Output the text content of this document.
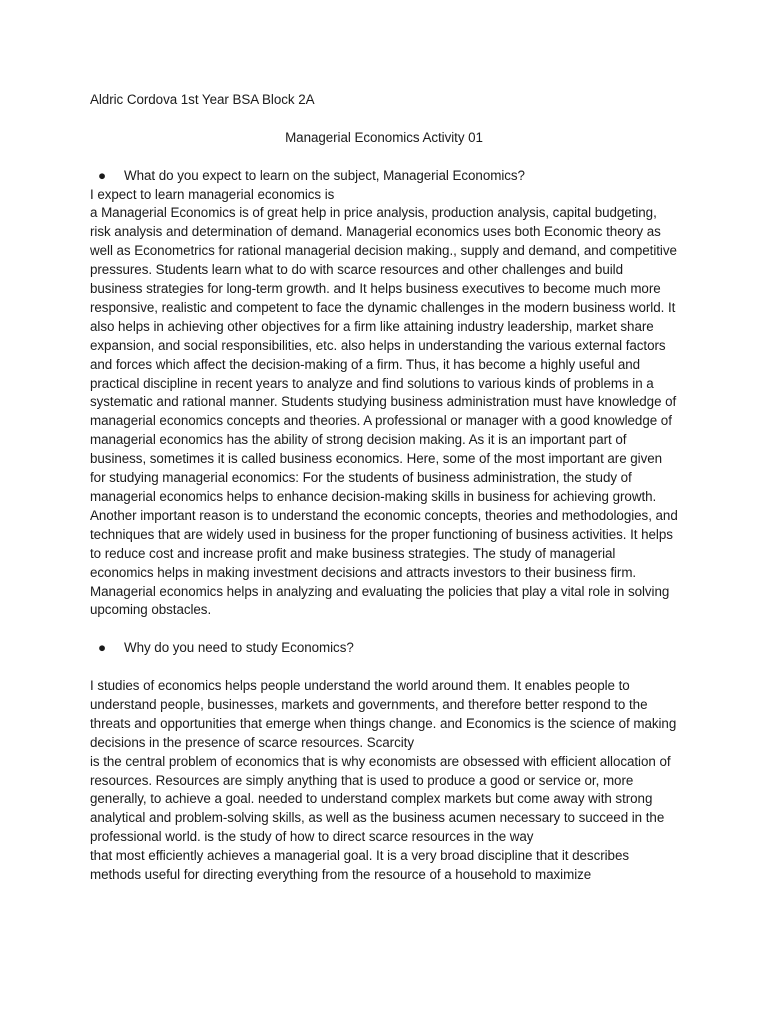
Aldric Cordova 1st Year BSA Block 2A

Managerial Economics Activity 01

● What do you expect to learn on the subject, Managerial Economics?

I expect to learn managerial economics is

a Managerial Economics is of great help in price analysis, production analysis, capital budgeting, risk analysis and determination of demand. Managerial economics uses both Economic theory as well as Econometrics for rational managerial decision making., supply and demand, and competitive pressures. Students learn what to do with scarce resources and other challenges and build business strategies for long-term growth. and It helps business executives to become much more responsive, realistic and competent to face the dynamic challenges in the modern business world. It also helps in achieving other objectives for a firm like attaining industry leadership, market share expansion, and social responsibilities, etc. also helps in understanding the various external factors and forces which affect the decision-making of a firm. Thus, it has become a highly useful and practical discipline in recent years to analyze and find solutions to various kinds of problems in a systematic and rational manner. Students studying business administration must have knowledge of managerial economics concepts and theories. A professional or manager with a good knowledge of managerial economics has the ability of strong decision making. As it is an important part of business, sometimes it is called business economics. Here, some of the most important are given for studying managerial economics: For the students of business administration, the study of managerial economics helps to enhance decision-making skills in business for achieving growth. Another important reason is to understand the economic concepts, theories and methodologies, and techniques that are widely used in business for the proper functioning of business activities. It helps to reduce cost and increase profit and make business strategies. The study of managerial economics helps in making investment decisions and attracts investors to their business firm. Managerial economics helps in analyzing and evaluating the policies that play a vital role in solving upcoming obstacles.

● Why do you need to study Economics?

I studies of economics helps people understand the world around them. It enables people to understand people, businesses, markets and governments, and therefore better respond to the threats and opportunities that emerge when things change. and Economics is the science of making decisions in the presence of scarce resources. Scarcity

is the central problem of economics that is why economists are obsessed with efficient allocation of resources. Resources are simply anything that is used to produce a good or service or, more generally, to achieve a goal. needed to understand complex markets but come away with strong analytical and problem-solving skills, as well as the business acumen necessary to succeed in the professional world. is the study of how to direct scarce resources in the way

that most efficiently achieves a managerial goal. It is a very broad discipline that it describes methods useful for directing everything from the resource of a household to maximize
